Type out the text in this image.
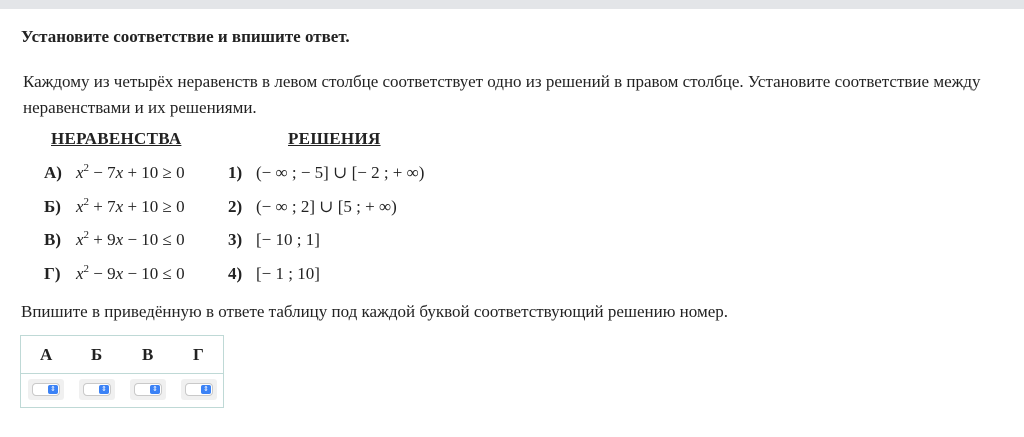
Установите соответствие и впишите ответ.
Каждому из четырёх неравенств в левом столбце соответствует одно из решений в правом столбце. Установите соответствие между неравенствами и их решениями.
НЕРАВЕНСТВА	РЕШЕНИЯ
А) $x^2 - 7x + 10 \ge 0$	1) (− ∞ ; − 5] ∪ [− 2 ; + ∞)
Б) $x^2 + 7x + 10 \ge 0$	2) (− ∞ ; 2] ∪ [5 ; + ∞)
В) $x^2 + 9x - 10 \le 0$	3) [− 10 ; 1]
Г) $x^2 - 9x - 10 \le 0$	4) [− 1 ; 10]
Впишите в приведённую в ответе таблицу под каждой буквой соответствующий решению номер.
А Б В Г
⇕	⇕	⇕	⇕
